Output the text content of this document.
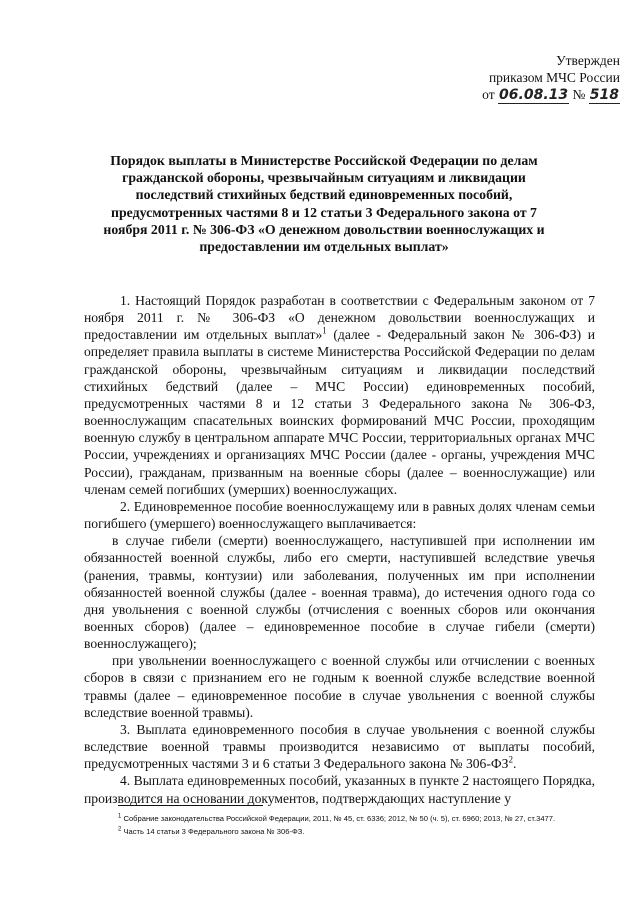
Утвержден
приказом МЧС России
от 06.08.13 № 518
Порядок выплаты в Министерстве Российской Федерации по делам гражданской обороны, чрезвычайным ситуациям и ликвидации последствий стихийных бедствий единовременных пособий, предусмотренных частями 8 и 12 статьи 3 Федерального закона от 7 ноября 2011 г. № 306-ФЗ «О денежном довольствии военнослужащих и предоставлении им отдельных выплат»

1. Настоящий Порядок разработан в соответствии с Федеральным законом от 7 ноября 2011 г. № 306-ФЗ «О денежном довольствии военнослужащих и предоставлении им отдельных выплат»$^1$ (далее - Федеральный закон № 306-ФЗ) и определяет правила выплаты в системе Министерства Российской Федерации по делам гражданской обороны, чрезвычайным ситуациям и ликвидации последствий стихийных бедствий (далее – МЧС России) единовременных пособий, предусмотренных частями 8 и 12 статьи 3 Федерального закона № 306-ФЗ, военнослужащим спасательных воинских формирований МЧС России, проходящим военную службу в центральном аппарате МЧС России, территориальных органах МЧС России, учреждениях и организациях МЧС России (далее - органы, учреждения МЧС России), гражданам, призванным на военные сборы (далее – военнослужащие) или членам семей погибших (умерших) военнослужащих.

2. Единовременное пособие военнослужащему или в равных долях членам семьи погибшего (умершего) военнослужащего выплачивается:

в случае гибели (смерти) военнослужащего, наступившей при исполнении им обязанностей военной службы, либо его смерти, наступившей вследствие увечья (ранения, травмы, контузии) или заболевания, полученных им при исполнении обязанностей военной службы (далее - военная травма), до истечения одного года со дня увольнения с военной службы (отчисления с военных сборов или окончания военных сборов) (далее – единовременное пособие в случае гибели (смерти) военнослужащего);

при увольнении военнослужащего с военной службы или отчислении с военных сборов в связи с признанием его не годным к военной службе вследствие военной травмы (далее – единовременное пособие в случае увольнения с военной службы вследствие военной травмы).

3. Выплата единовременного пособия в случае увольнения с военной службы вследствие военной травмы производится независимо от выплаты пособий, предусмотренных частями 3 и 6 статьи 3 Федерального закона № $306-ФЗ^2$.

4. Выплата единовременных пособий, указанных в пункте 2 настоящего Порядка, производится на основании документов, подтверждающих наступление у

$^1$ Собрание законодательства Российской Федерации, 2011, № 45, ст. 6336; 2012, № 50 (ч. 5), ст. 6960; 2013, № 27, ст.3477.
$^2$ Часть 14 статьи 3 Федерального закона № 306-ФЗ.
